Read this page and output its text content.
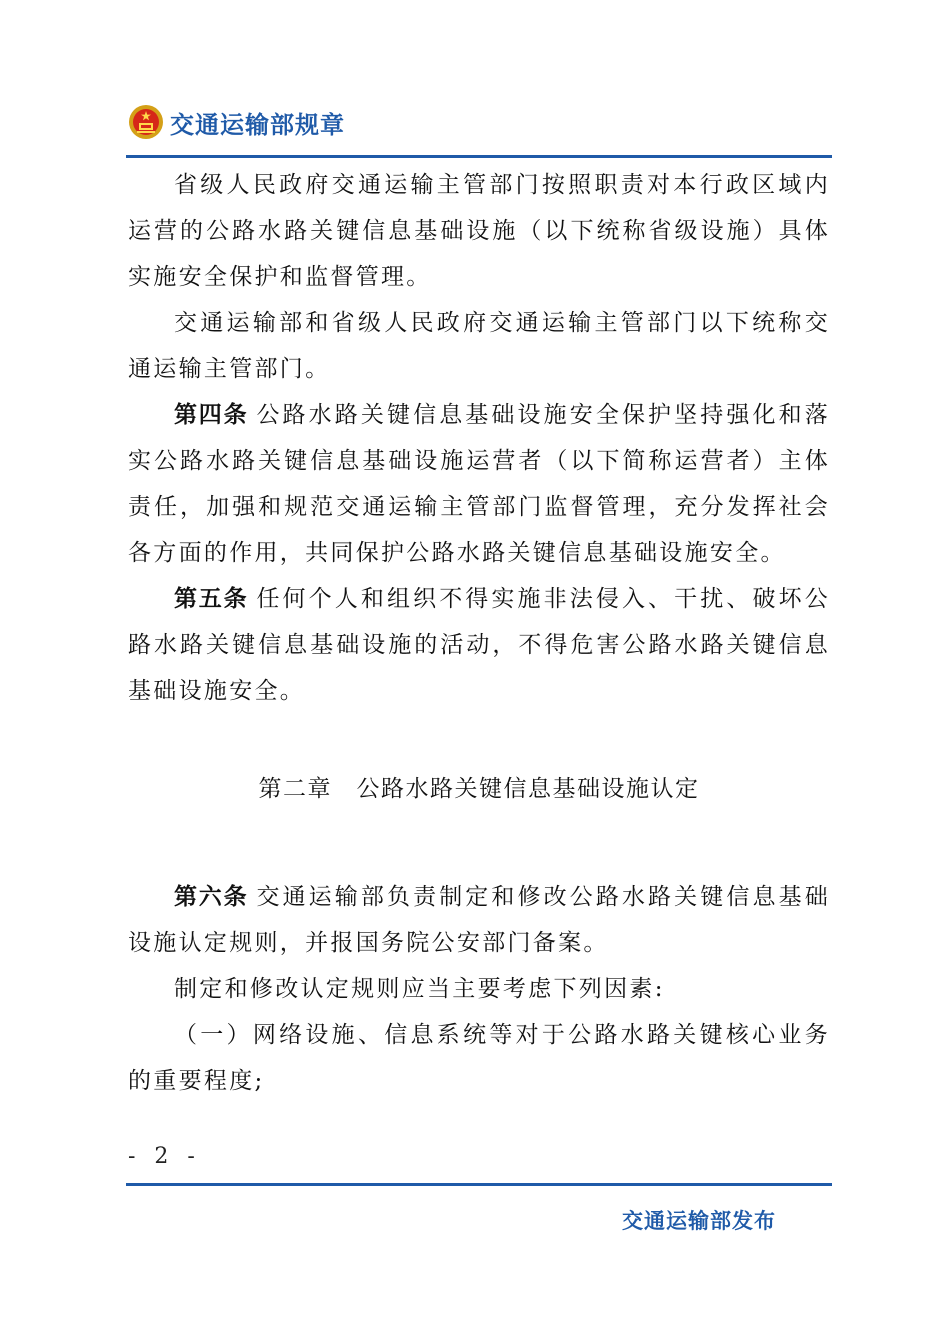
交通运输部规章

省级人民政府交通运输主管部门按照职责对本行政区域内运营的公路水路关键信息基础设施（以下统称省级设施）具体实施安全保护和监督管理。

交通运输部和省级人民政府交通运输主管部门以下统称交通运输主管部门。

第四条 公路水路关键信息基础设施安全保护坚持强化和落实公路水路关键信息基础设施运营者（以下简称运营者）主体责任，加强和规范交通运输主管部门监督管理，充分发挥社会各方面的作用，共同保护公路水路关键信息基础设施安全。

第五条 任何个人和组织不得实施非法侵入、干扰、破坏公路水路关键信息基础设施的活动，不得危害公路水路关键信息基础设施安全。

第二章　公路水路关键信息基础设施认定

第六条 交通运输部负责制定和修改公路水路关键信息基础设施认定规则，并报国务院公安部门备案。

制定和修改认定规则应当主要考虑下列因素:

（一）网络设施、信息系统等对于公路水路关键核心业务的重要程度;

- 2 -
交通运输部发布
